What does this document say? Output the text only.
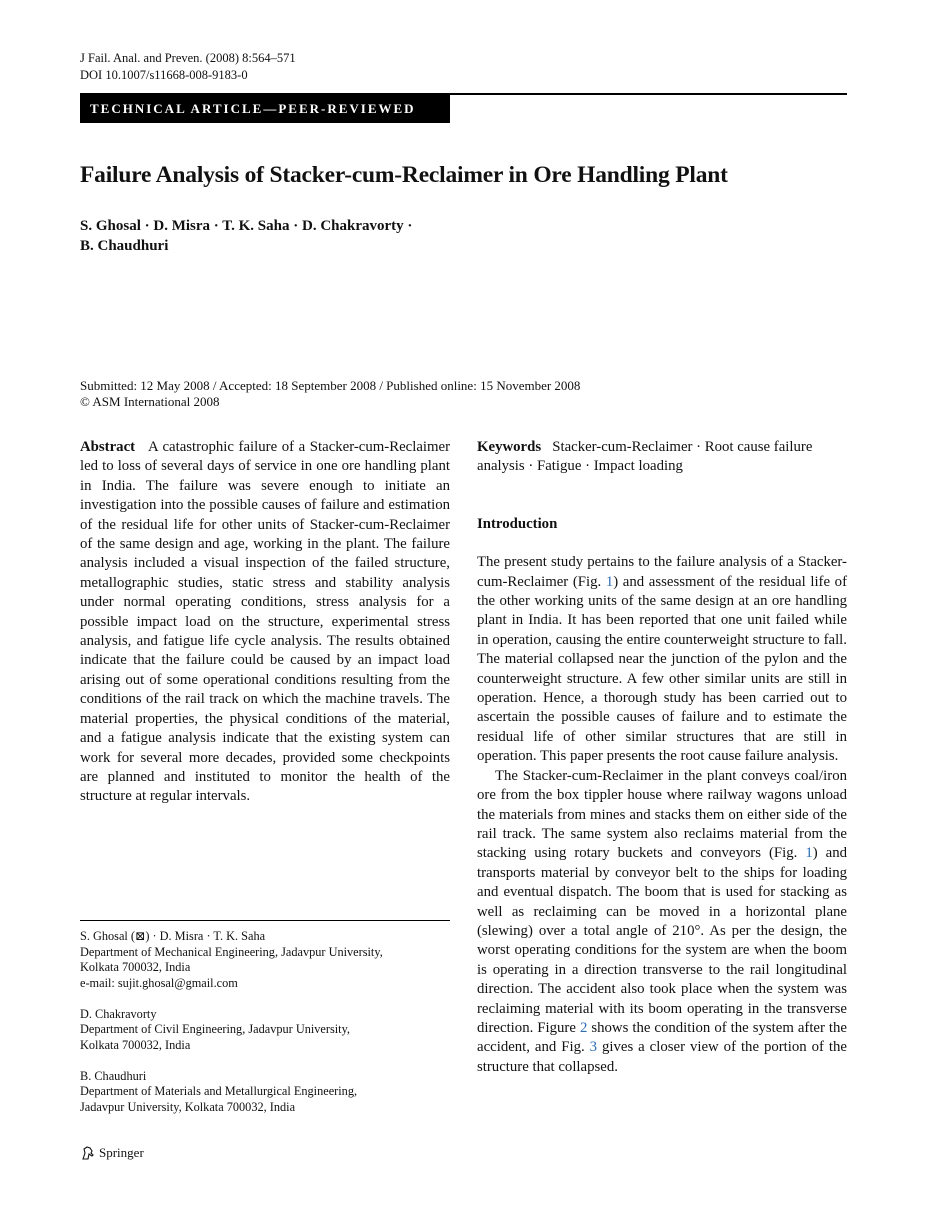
J Fail. Anal. and Preven. (2008) 8:564–571
DOI 10.1007/s11668-008-9183-0
TECHNICAL ARTICLE—PEER-REVIEWED
Failure Analysis of Stacker-cum-Reclaimer in Ore Handling Plant
S. Ghosal · D. Misra · T. K. Saha · D. Chakravorty ·
B. Chaudhuri
Submitted: 12 May 2008 / Accepted: 18 September 2008 / Published online: 15 November 2008
© ASM International 2008

Abstract A catastrophic failure of a Stacker-cum-Reclaimer led to loss of several days of service in one ore handling plant in India. The failure was severe enough to initiate an investigation into the possible causes of failure and estimation of the residual life for other units of Stacker-cum-Reclaimer of the same design and age, working in the plant. The failure analysis included a visual inspection of the failed structure, metallographic studies, static stress and stability analysis under normal operating conditions, stress analysis for a possible impact load on the structure, experimental stress analysis, and fatigue life cycle analysis. The results obtained indicate that the failure could be caused by an impact load arising out of some operational conditions resulting from the conditions of the rail track on which the machine travels. The material properties, the physical conditions of the material, and a fatigue analysis indicate that the existing system can work for several more decades, provided some checkpoints are planned and instituted to monitor the health of the structure at regular intervals.

Keywords Stacker-cum-Reclaimer · Root cause failure analysis · Fatigue · Impact loading

Introduction

The present study pertains to the failure analysis of a Stacker-cum-Reclaimer (Fig. 1) and assessment of the residual life of the other working units of the same design at an ore handling plant in India. It has been reported that one unit failed while in operation, causing the entire counterweight structure to fall. The material collapsed near the junction of the pylon and the counterweight structure. A few other similar units are still in operation. Hence, a thorough study has been carried out to ascertain the possible causes of failure and to estimate the residual life of other similar structures that are still in operation. This paper presents the root cause failure analysis.

The Stacker-cum-Reclaimer in the plant conveys coal/iron ore from the box tippler house where railway wagons unload the materials from mines and stacks them on either side of the rail track. The same system also reclaims material from the stacking using rotary buckets and conveyors (Fig. 1) and transports material by conveyor belt to the ships for loading and eventual dispatch. The boom that is used for stacking as well as reclaiming can be moved in a horizontal plane (slewing) over a total angle of 210°. As per the design, the worst operating conditions for the system are when the boom is operating in a direction transverse to the rail longitudinal direction. The accident also took place when the system was reclaiming material with its boom operating in the transverse direction. Figure 2 shows the condition of the system after the accident, and Fig. 3 gives a closer view of the portion of the structure that collapsed.

S. Ghosal (⊠) · D. Misra · T. K. Saha
Department of Mechanical Engineering, Jadavpur University,
Kolkata 700032, India
e-mail: sujit.ghosal@gmail.com

D. Chakravorty
Department of Civil Engineering, Jadavpur University,
Kolkata 700032, India

B. Chaudhuri
Department of Materials and Metallurgical Engineering,
Jadavpur University, Kolkata 700032, India

Springer
